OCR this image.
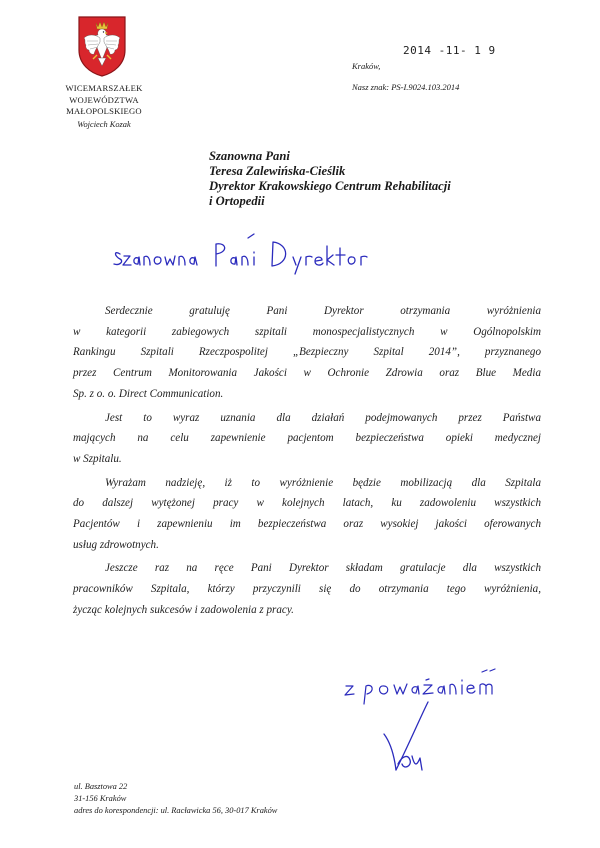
WICEMARSZAŁEK
WOJEWÓDZTWA
MAŁOPOLSKIEGO
Wojciech Kozak
2014 -11- 1 9
Kraków,
Nasz znak: PS-I.9024.103.2014
Szanowna Pani
Teresa Zalewińska-Cieślik
Dyrektor Krakowskiego Centrum Rehabilitacji
i Ortopedii
Serdecznie gratuluję Pani Dyrektor otrzymania wyróżnienia
w kategorii zabiegowych szpitali monospecjalistycznych w Ogólnopolskim
Rankingu Szpitali Rzeczpospolitej „Bezpieczny Szpital 2014”, przyznanego
przez Centrum Monitorowania Jakości w Ochronie Zdrowia oraz Blue Media
Sp. z o. o. Direct Communication.
Jest to wyraz uznania dla działań podejmowanych przez Państwa
mających na celu zapewnienie pacjentom bezpieczeństwa opieki medycznej
w Szpitalu.
Wyrażam nadzieję, iż to wyróżnienie będzie mobilizacją dla Szpitala
do dalszej wytężonej pracy w kolejnych latach, ku zadowoleniu wszystkich
Pacjentów i zapewnieniu im bezpieczeństwa oraz wysokiej jakości oferowanych
usług zdrowotnych.
Jeszcze raz na ręce Pani Dyrektor składam gratulacje dla wszystkich
pracowników Szpitala, którzy przyczynili się do otrzymania tego wyróżnienia,
życząc kolejnych sukcesów i zadowolenia z pracy.
ul. Basztowa 22
31-156 Kraków
adres do korespondencji: ul. Racławicka 56, 30-017 Kraków
